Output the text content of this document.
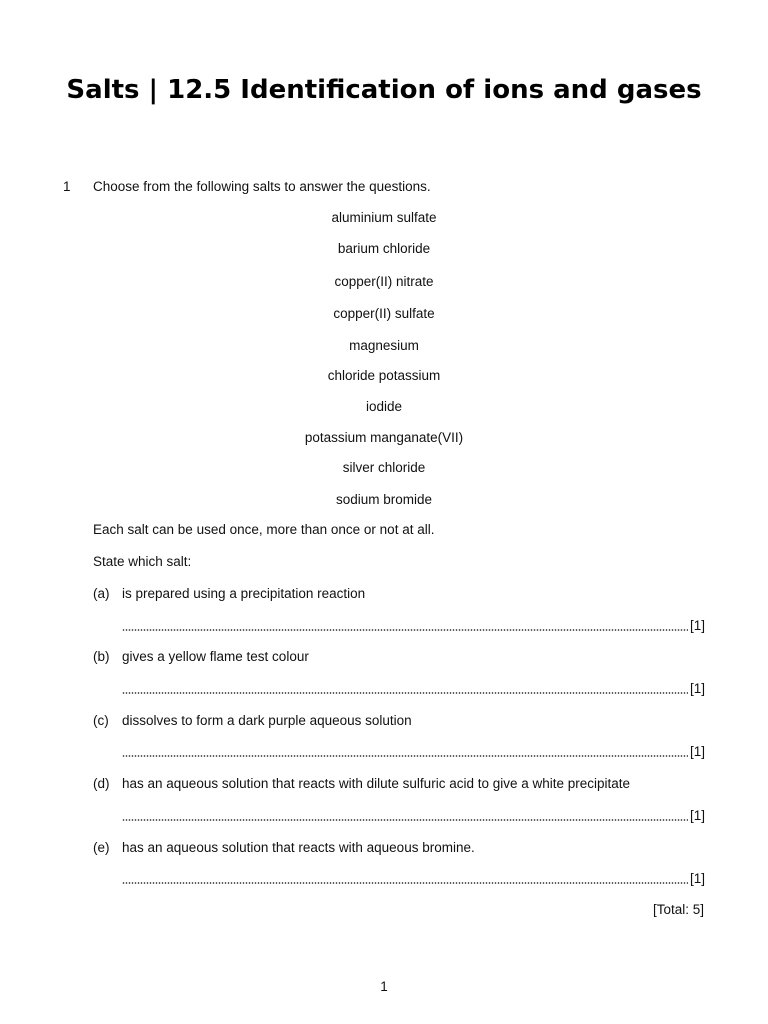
Salts | 12.5 Identification of ions and gases
1 Choose from the following salts to answer the questions.
aluminium sulfate
barium chloride
copper(II) nitrate
copper(II) sulfate
magnesium
chloride potassium
iodide
potassium manganate(VII)
silver chloride
sodium bromide
Each salt can be used once, more than once or not at all.
State which salt:
(a) is prepared using a precipitation reaction
[1]
(b) gives a yellow flame test colour
[1]
(c) dissolves to form a dark purple aqueous solution
[1]
(d) has an aqueous solution that reacts with dilute sulfuric acid to give a white precipitate
[1]
(e) has an aqueous solution that reacts with aqueous bromine.
[1]
[Total: 5]
1
